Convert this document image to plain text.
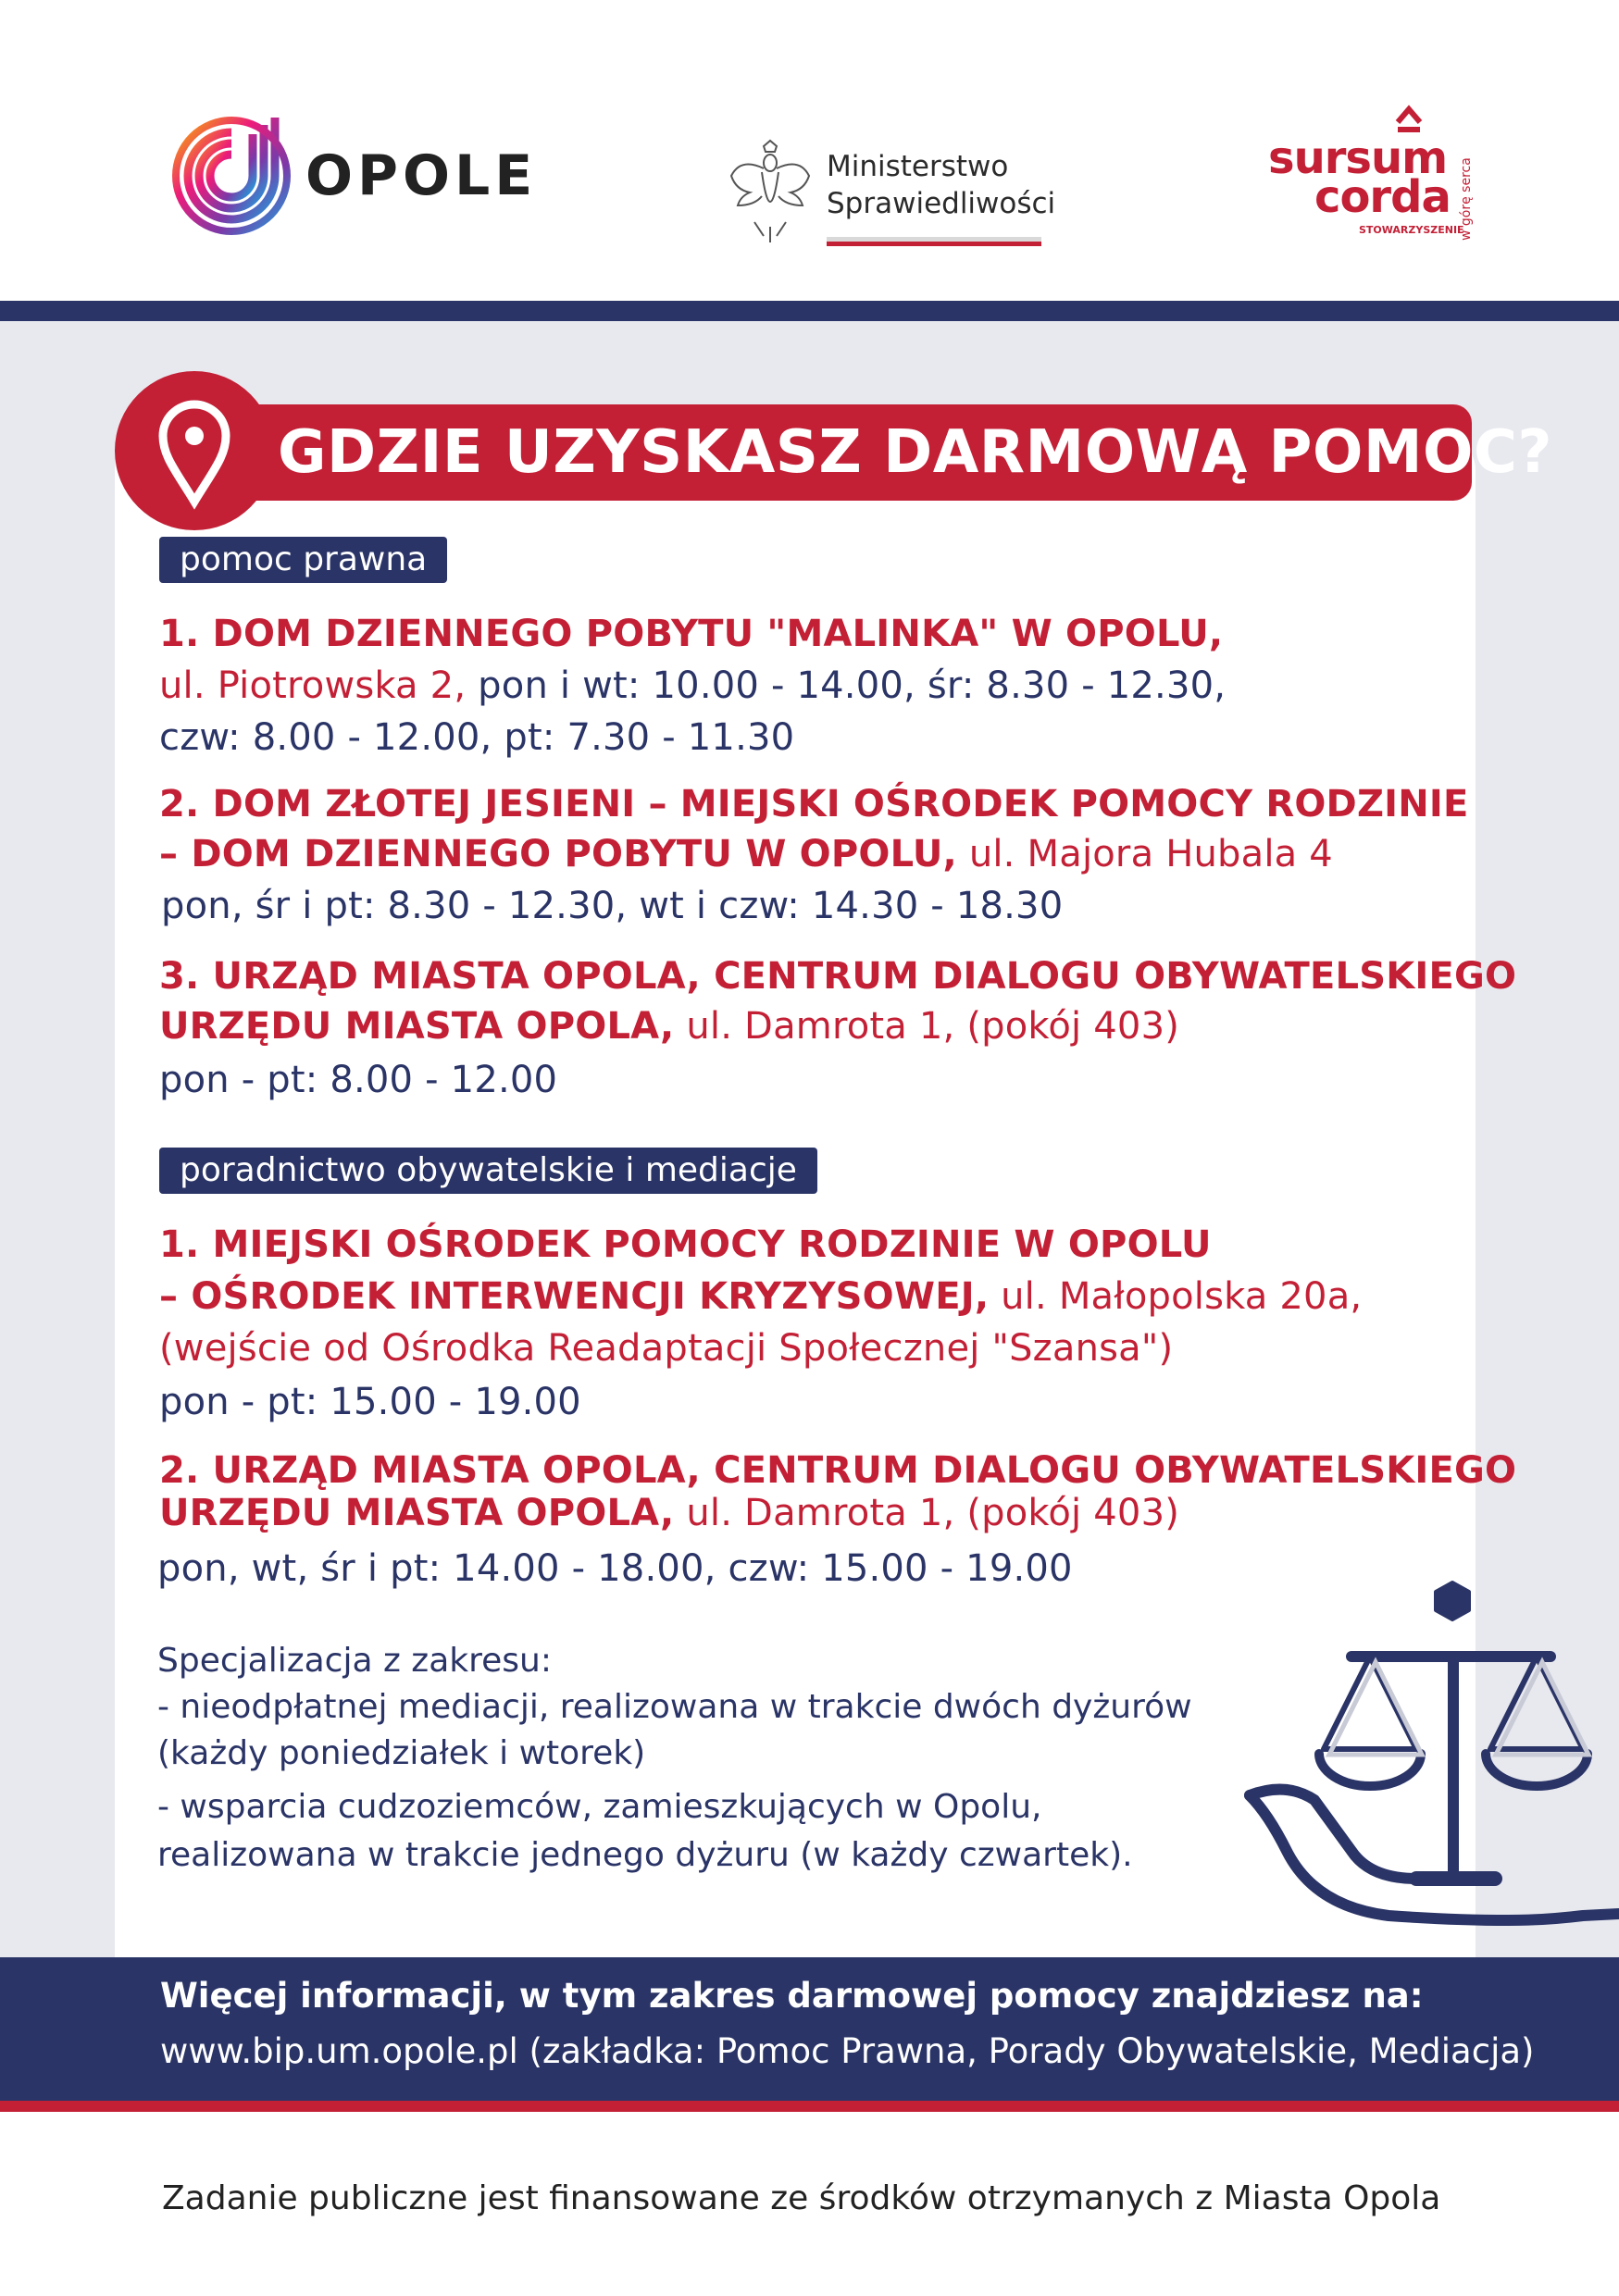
OPOLE	Ministerstwo
Sprawiedliwości
sursum
corda
STOWARZYSZENIE
w górę serca
GDZIE UZYSKASZ DARMOWĄ POMOC?
pomoc prawna
1. DOM DZIENNEGO POBYTU "MALINKA" W OPOLU,
ul. Piotrowska 2, pon i wt: 10.00 - 14.00, śr: 8.30 - 12.30,
czw: 8.00 - 12.00, pt: 7.30 - 11.30
2. DOM ZŁOTEJ JESIENI – MIEJSKI OŚRODEK POMOCY RODZINIE
– DOM DZIENNEGO POBYTU W OPOLU, ul. Majora Hubala 4
pon, śr i pt: 8.30 - 12.30, wt i czw: 14.30 - 18.30
3. URZĄD MIASTA OPOLA, CENTRUM DIALOGU OBYWATELSKIEGO
URZĘDU MIASTA OPOLA, ul. Damrota 1, (pokój 403)
pon - pt: 8.00 - 12.00
poradnictwo obywatelskie i mediacje
1. MIEJSKI OŚRODEK POMOCY RODZINIE W OPOLU
– OŚRODEK INTERWENCJI KRYZYSOWEJ, ul. Małopolska 20a,
(wejście od Ośrodka Readaptacji Społecznej "Szansa")
pon - pt: 15.00 - 19.00
2. URZĄD MIASTA OPOLA, CENTRUM DIALOGU OBYWATELSKIEGO
URZĘDU MIASTA OPOLA, ul. Damrota 1, (pokój 403)
pon, wt, śr i pt: 14.00 - 18.00, czw: 15.00 - 19.00
Specjalizacja z zakresu:
- nieodpłatnej mediacji, realizowana w trakcie dwóch dyżurów
(każdy poniedziałek i wtorek)
- wsparcia cudzoziemców, zamieszkujących w Opolu,
realizowana w trakcie jednego dyżuru (w każdy czwartek).
Więcej informacji, w tym zakres darmowej pomocy znajdziesz na:
www.bip.um.opole.pl (zakładka: Pomoc Prawna, Porady Obywatelskie, Mediacja)
Zadanie publiczne jest finansowane ze środków otrzymanych z Miasta Opola
